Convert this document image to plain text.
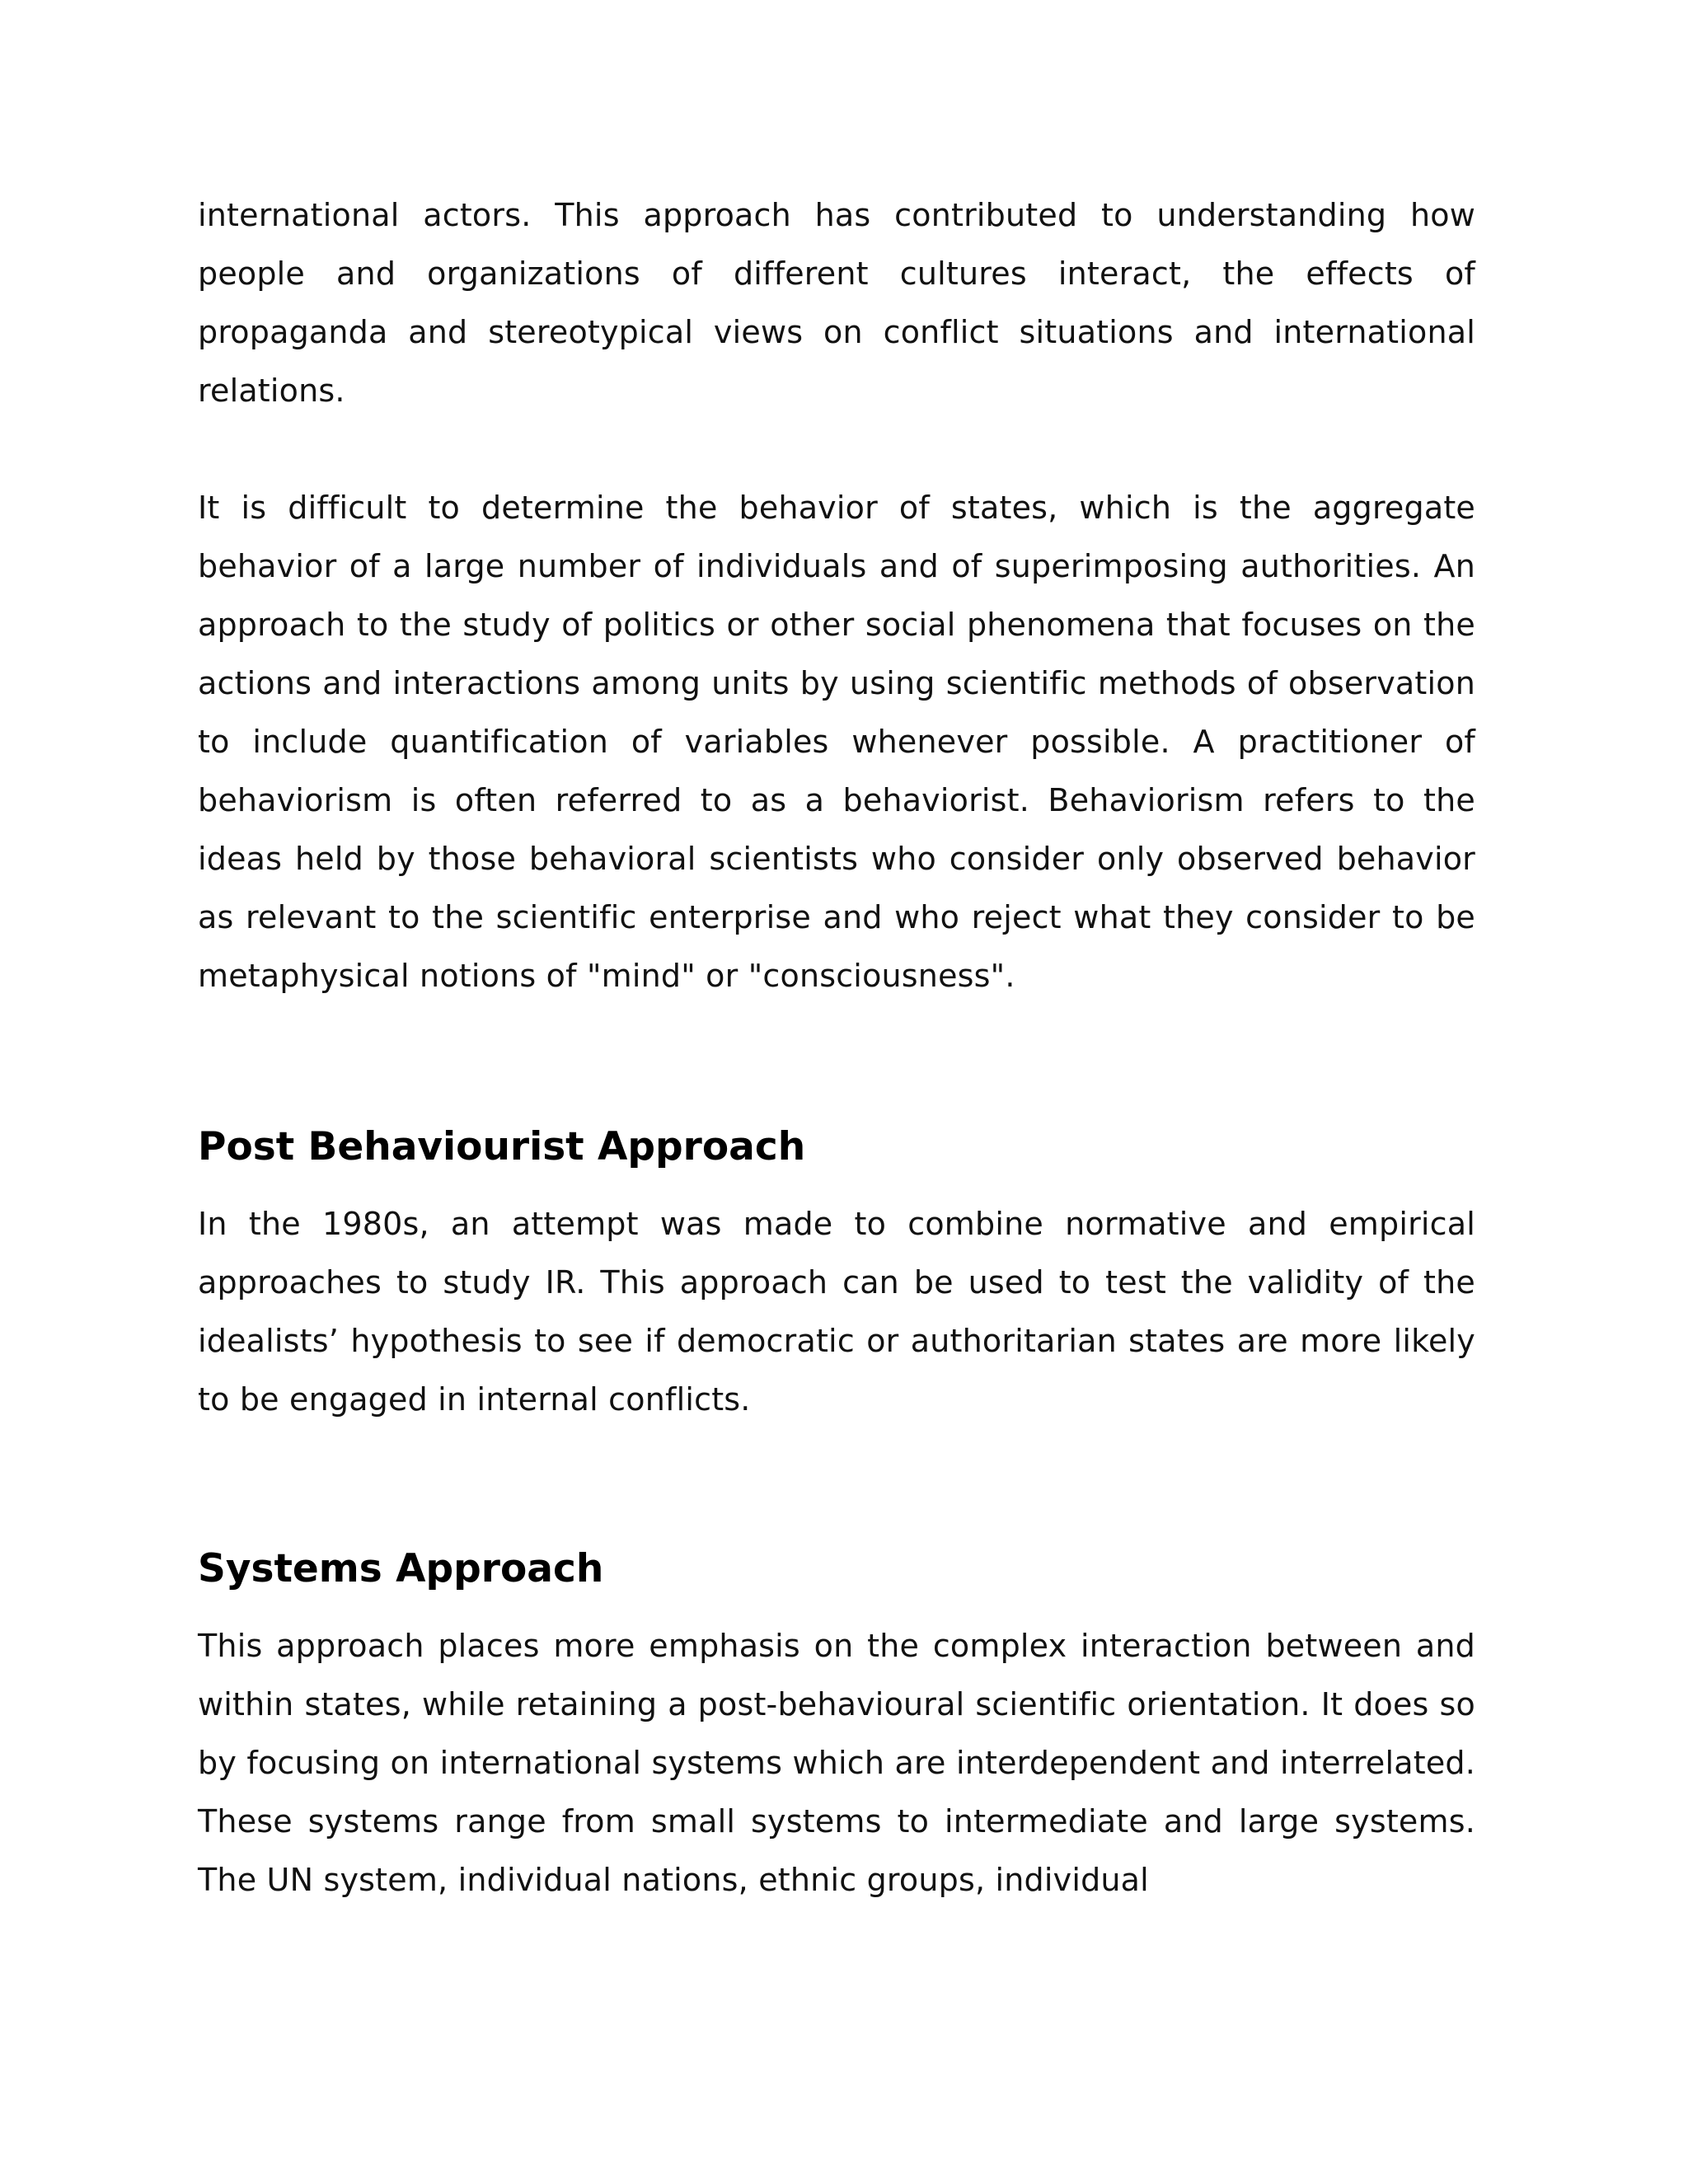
international actors. This approach has contributed to understanding how people and organizations of different cultures interact, the effects of propaganda and stereotypical views on conflict situations and international relations.

It is difficult to determine the behavior of states, which is the aggregate behavior of a large number of individuals and of superimposing authorities. An approach to the study of politics or other social phenomena that focuses on the actions and interactions among units by using scientific methods of observation to include quantification of variables whenever possible. A practitioner of behaviorism is often referred to as a behaviorist. Behaviorism refers to the ideas held by those behavioral scientists who consider only observed behavior as relevant to the scientific enterprise and who reject what they consider to be metaphysical notions of "mind" or "consciousness".

Post Behaviourist Approach

In the 1980s, an attempt was made to combine normative and empirical approaches to study IR. This approach can be used to test the validity of the idealists’ hypothesis to see if democratic or authoritarian states are more likely to be engaged in internal conflicts.

Systems Approach

This approach places more emphasis on the complex interaction between and within states, while retaining a post-behavioural scientific orientation. It does so by focusing on international systems which are interdependent and interrelated. These systems range from small systems to intermediate and large systems. The UN system, individual nations, ethnic groups, individual
